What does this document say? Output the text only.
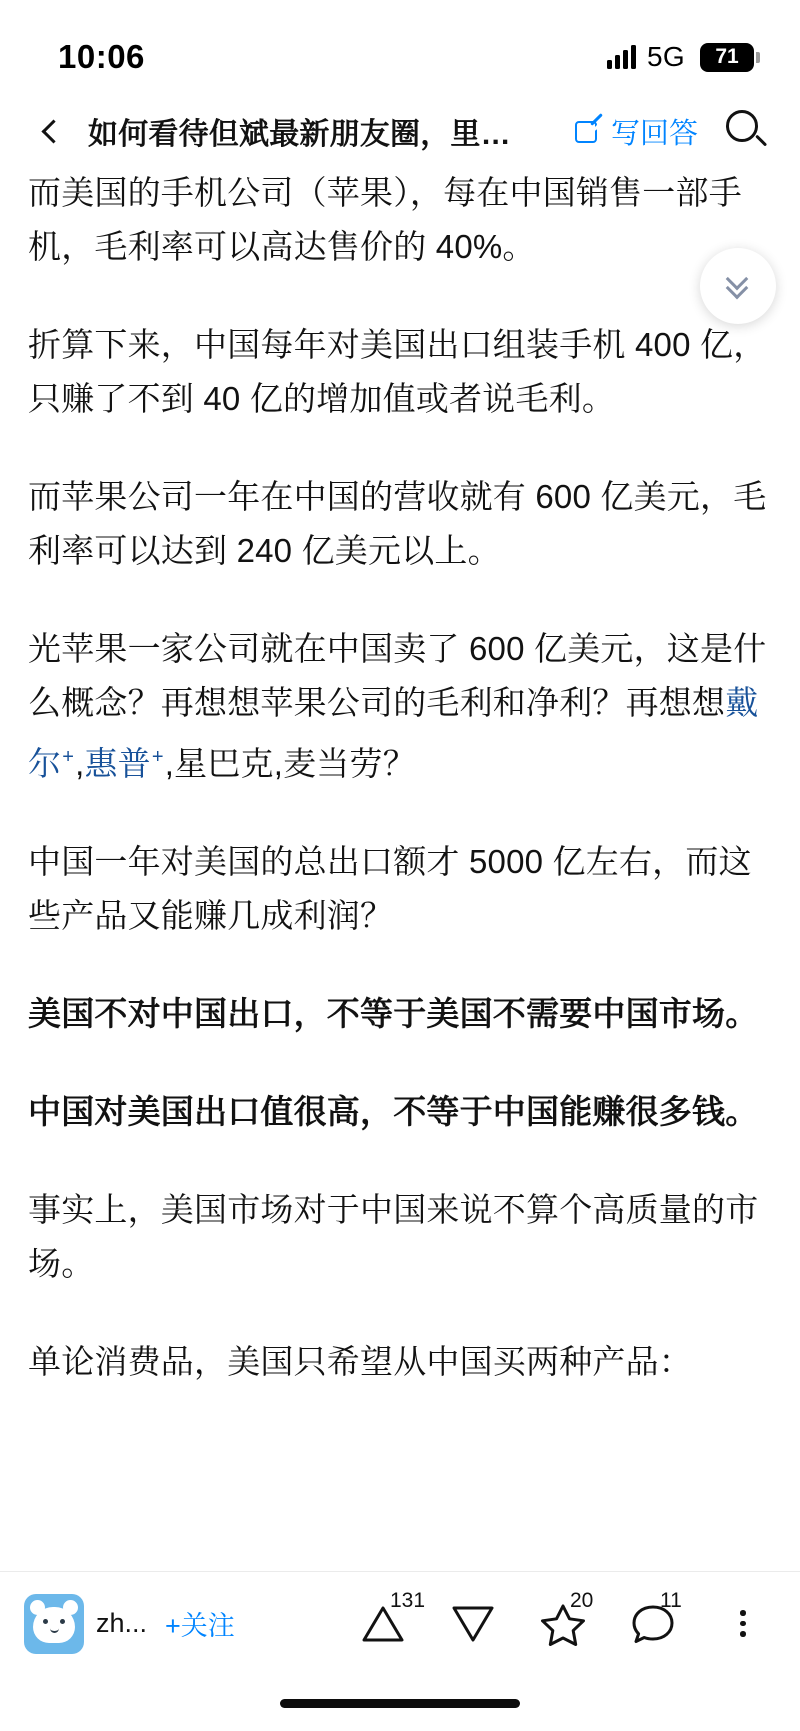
10:06	5G 71
如何看待但斌最新朋友圈，里…	写回答

而美国的手机公司（苹果），每在中国销售一部手机，毛利率可以高达售价的 40%。

折算下来，中国每年对美国出口组装手机 400 亿，只赚了不到 40 亿的增加值或者说毛利。

而苹果公司一年在中国的营收就有 600 亿美元，毛利率可以达到 240 亿美元以上。

光苹果一家公司就在中国卖了 600 亿美元，这是什么概念？再想想苹果公司的毛利和净利？再想想戴尔+,惠普+,星巴克,麦当劳？

中国一年对美国的总出口额才 5000 亿左右，而这些产品又能赚几成利润？

美国不对中国出口，不等于美国不需要中国市场。

中国对美国出口值很高，不等于中国能赚很多钱。

事实上，美国市场对于中国来说不算个高质量的市场。

单论消费品，美国只希望从中国买两种产品：

zh... +关注
131	20	11
